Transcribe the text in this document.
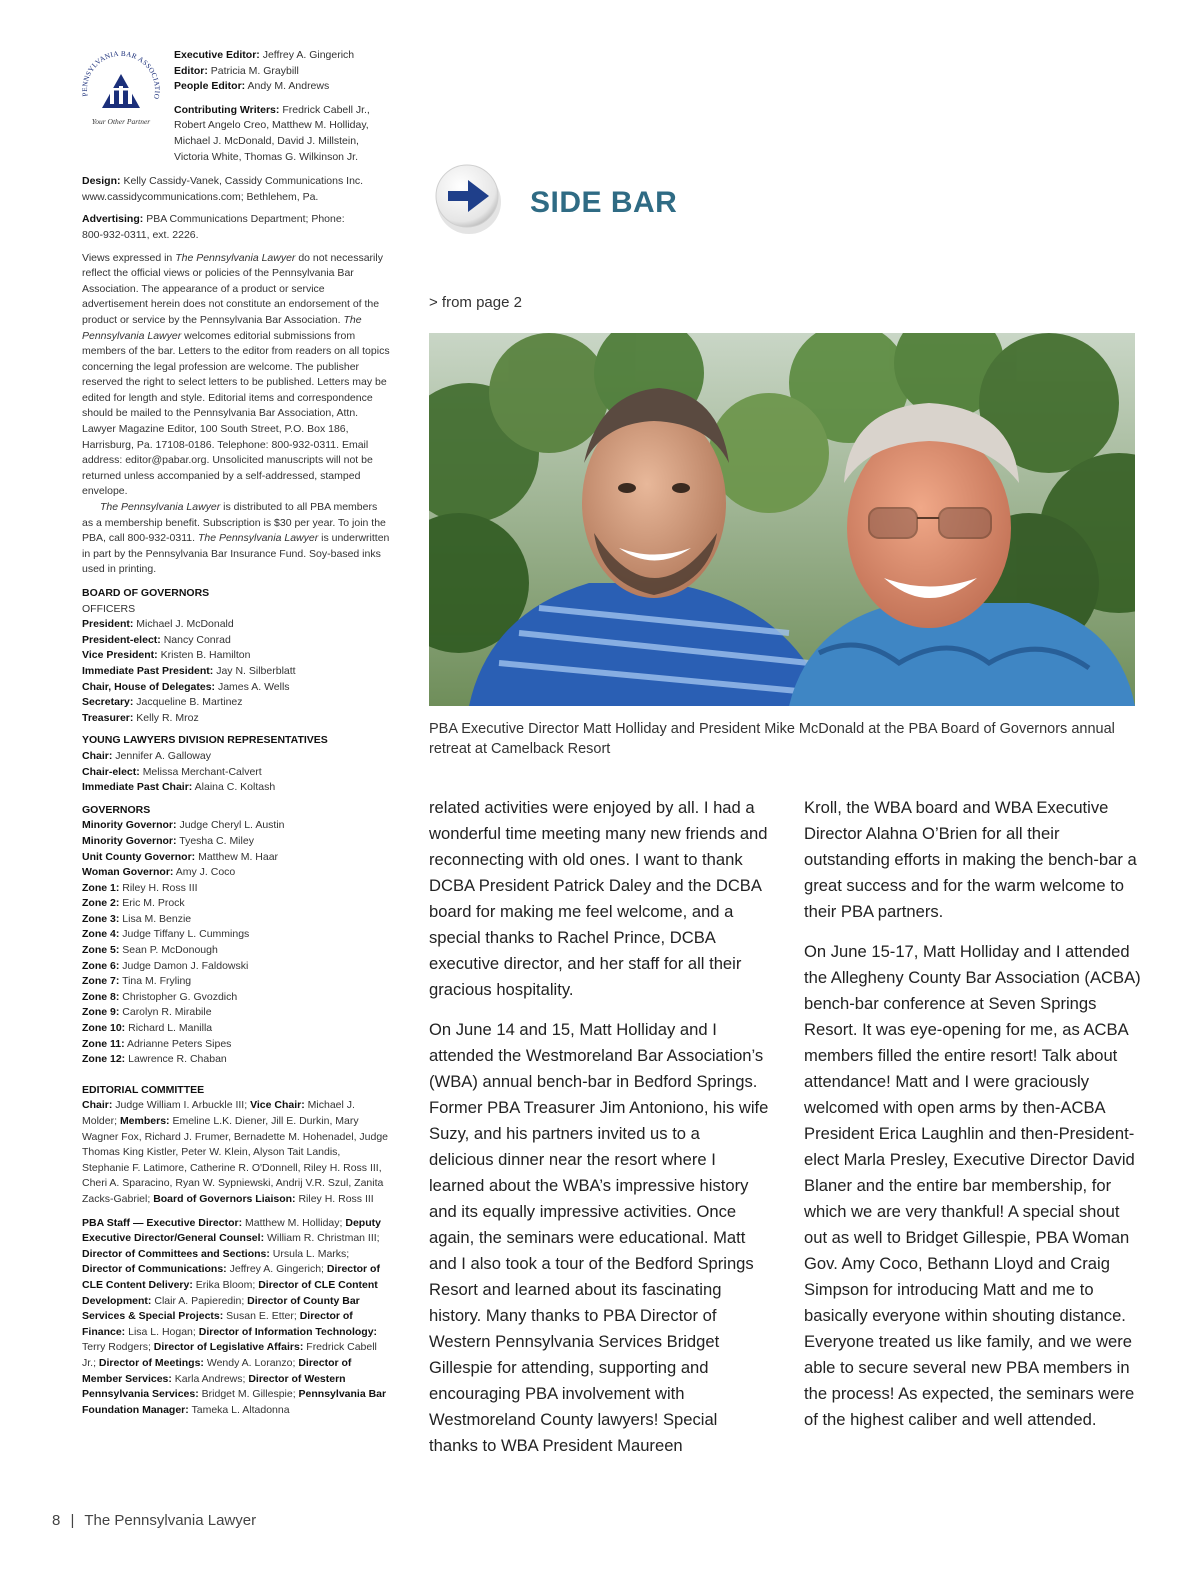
PENNSYLVANIA BAR ASSOCIATIO
Your Other Partner
Executive Editor: Jeffrey A. Gingerich
Editor: Patricia M. Graybill
People Editor: Andy M. Andrews
Contributing Writers: Fredrick Cabell Jr.,
Robert Angelo Creo, Matthew M. Holliday,
Michael J. McDonald, David J. Millstein,
Victoria White, Thomas G. Wilkinson Jr.
Design: Kelly Cassidy-Vanek, Cassidy Communications Inc.
www.cassidycommunications.com; Bethlehem, Pa.
Advertising: PBA Communications Department; Phone:
800-932-0311, ext. 2226.
Views expressed in The Pennsylvania Lawyer do not necessarily reflect the official views or policies of the Pennsylvania Bar Association. The appearance of a product or service advertisement herein does not constitute an endorsement of the product or service by the Pennsylvania Bar Association. The Pennsylvania Lawyer welcomes editorial submissions from members of the bar. Letters to the editor from readers on all topics concerning the legal profession are welcome. The publisher reserved the right to select letters to be published. Letters may be edited for length and style. Editorial items and correspondence should be mailed to the Pennsylvania Bar Association, Attn. Lawyer Magazine Editor, 100 South Street, P.O. Box 186, Harrisburg, Pa. 17108-0186. Telephone: 800-932-0311. Email address: editor@pabar.org. Unsolicited manuscripts will not be returned unless accompanied by a self-addressed, stamped envelope.
The Pennsylvania Lawyer is distributed to all PBA members as a membership benefit. Subscription is $30 per year. To join the PBA, call 800-932-0311. The Pennsylvania Lawyer is underwritten in part by the Pennsylvania Bar Insurance Fund. Soy-based inks used in printing.
BOARD OF GOVERNORS
OFFICERS
President: Michael J. McDonald
President-elect: Nancy Conrad
Vice President: Kristen B. Hamilton
Immediate Past President: Jay N. Silberblatt
Chair, House of Delegates: James A. Wells
Secretary: Jacqueline B. Martinez
Treasurer: Kelly R. Mroz
YOUNG LAWYERS DIVISION REPRESENTATIVES
Chair: Jennifer A. Galloway
Chair-elect: Melissa Merchant-Calvert
Immediate Past Chair: Alaina C. Koltash
GOVERNORS
Minority Governor: Judge Cheryl L. Austin
Minority Governor: Tyesha C. Miley
Unit County Governor: Matthew M. Haar
Woman Governor: Amy J. Coco
Zone 1: Riley H. Ross III
Zone 2: Eric M. Prock
Zone 3: Lisa M. Benzie
Zone 4: Judge Tiffany L. Cummings
Zone 5: Sean P. McDonough
Zone 6: Judge Damon J. Faldowski
Zone 7: Tina M. Fryling
Zone 8: Christopher G. Gvozdich
Zone 9: Carolyn R. Mirabile
Zone 10: Richard L. Manilla
Zone 11: Adrianne Peters Sipes
Zone 12: Lawrence R. Chaban
EDITORIAL COMMITTEE
Chair: Judge William I. Arbuckle III; Vice Chair: Michael J. Molder; Members: Emeline L.K. Diener, Jill E. Durkin, Mary Wagner Fox, Richard J. Frumer, Bernadette M. Hohenadel, Judge Thomas King Kistler, Peter W. Klein, Alyson Tait Landis, Stephanie F. Latimore, Catherine R. O'Donnell, Riley H. Ross III, Cheri A. Sparacino, Ryan W. Sypniewski, Andrij V.R. Szul, Zanita Zacks-Gabriel; Board of Governors Liaison: Riley H. Ross III
PBA Staff — Executive Director: Matthew M. Holliday; Deputy Executive Director/General Counsel: William R. Christman III; Director of Committees and Sections: Ursula L. Marks; Director of Communications: Jeffrey A. Gingerich; Director of CLE Content Delivery: Erika Bloom; Director of CLE Content Development: Clair A. Papieredin; Director of County Bar Services & Special Projects: Susan E. Etter; Director of Finance: Lisa L. Hogan; Director of Information Technology: Terry Rodgers; Director of Legislative Affairs: Fredrick Cabell Jr.; Director of Meetings: Wendy A. Loranzo; Director of Member Services: Karla Andrews; Director of Western Pennsylvania Services: Bridget M. Gillespie; Pennsylvania Bar Foundation Manager: Tameka L. Altadonna
SIDE BAR
> from page 2
PBA Executive Director Matt Holliday and President Mike McDonald at the PBA Board of Governors annual retreat at Camelback Resort

related activities were enjoyed by all. I had a wonderful time meeting many new friends and reconnecting with old ones. I want to thank DCBA President Patrick Daley and the DCBA board for making me feel welcome, and a special thanks to Rachel Prince, DCBA executive director, and her staff for all their gracious hospitality.

On June 14 and 15, Matt Holliday and I attended the Westmoreland Bar Association’s (WBA) annual bench-bar in Bedford Springs. Former PBA Treasurer Jim Antoniono, his wife Suzy, and his partners invited us to a delicious dinner near the resort where I learned about the WBA’s impressive history and its equally impressive activities. Once again, the seminars were educational. Matt and I also took a tour of the Bedford Springs Resort and learned about its fascinating history. Many thanks to PBA Director of Western Pennsylvania Services Bridget Gillespie for attending, supporting and encouraging PBA involvement with Westmoreland County lawyers! Special thanks to WBA President Maureen

Kroll, the WBA board and WBA Executive Director Alahna O’Brien for all their outstanding efforts in making the bench-bar a great success and for the warm welcome to their PBA partners.

On June 15-17, Matt Holliday and I attended the Allegheny County Bar Association (ACBA) bench-bar conference at Seven Springs Resort. It was eye-opening for me, as ACBA members filled the entire resort! Talk about attendance! Matt and I were graciously welcomed with open arms by then-ACBA President Erica Laughlin and then-President-elect Marla Presley, Executive Director David Blaner and the entire bar membership, for which we are very thankful! A special shout out as well to Bridget Gillespie, PBA Woman Gov. Amy Coco, Bethann Lloyd and Craig Simpson for introducing Matt and me to basically everyone within shouting distance. Everyone treated us like family, and we were able to secure several new PBA members in the process! As expected, the seminars were of the highest caliber and well attended.

8 | The Pennsylvania Lawyer
